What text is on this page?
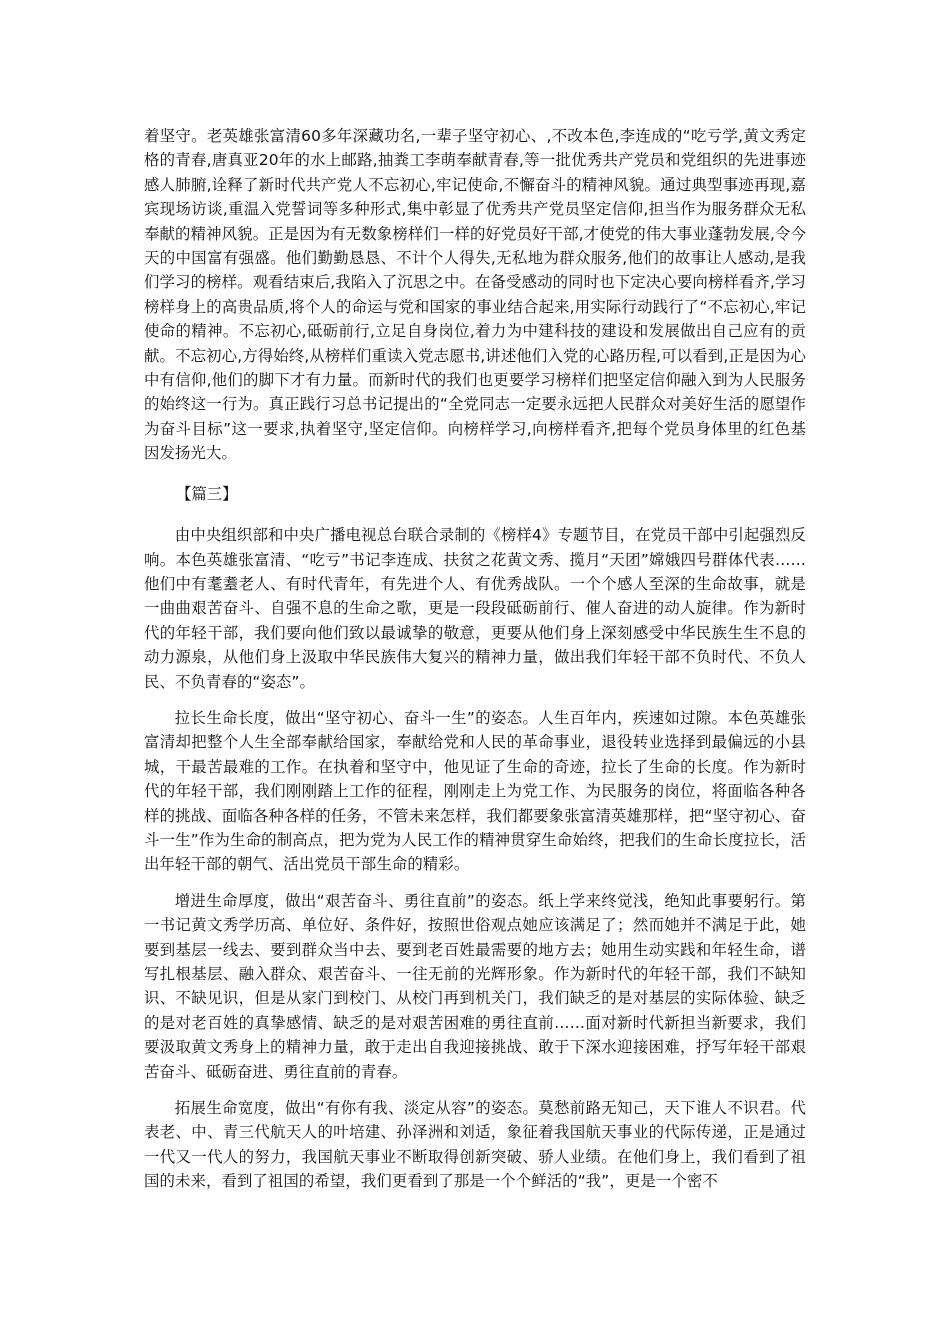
着坚守。老英雄张富清60多年深藏功名,一辈子坚守初心、,不改本色,李连成的“吃亏学,黄文秀定格的青春,唐真亚20年的水上邮路,抽粪工李萌奉献青春,等一批优秀共产党员和党组织的先进事迹感人肺腑,诠释了新时代共产党人不忘初心,牢记使命,不懈奋斗的精神风貌。通过典型事迹再现,嘉宾现场访谈,重温入党誓词等多种形式,集中彰显了优秀共产党员坚定信仰,担当作为服务群众无私奉献的精神风貌。正是因为有无数象榜样们一样的好党员好干部,才使党的伟大事业蓬勃发展,令今天的中国富有强盛。他们勤勤恳恳、不计个人得失,无私地为群众服务,他们的故事让人感动,是我们学习的榜样。观看结束后,我陷入了沉思之中。在备受感动的同时也下定决心要向榜样看齐,学习榜样身上的高贵品质,将个人的命运与党和国家的事业结合起来,用实际行动践行了“不忘初心,牢记使命的精神。不忘初心,砥砺前行,立足自身岗位,着力为中建科技的建设和发展做出自己应有的贡献。不忘初心,方得始终,从榜样们重读入党志愿书,讲述他们入党的心路历程,可以看到,正是因为心中有信仰,他们的脚下才有力量。而新时代的我们也更要学习榜样们把坚定信仰融入到为人民服务的始终这一行为。真正践行习总书记提出的“全党同志一定要永远把人民群众对美好生活的愿望作为奋斗目标”这一要求,执着坚守,坚定信仰。向榜样学习,向榜样看齐,把每个党员身体里的红色基因发扬光大。

【篇三】

由中央组织部和中央广播电视总台联合录制的《榜样4》专题节目，在党员干部中引起强烈反响。本色英雄张富清、“吃亏”书记李连成、扶贫之花黄文秀、揽月“天团”嫦娥四号群体代表……他们中有耄耋老人、有时代青年，有先进个人、有优秀战队。一个个感人至深的生命故事，就是一曲曲艰苦奋斗、自强不息的生命之歌，更是一段段砥砺前行、催人奋进的动人旋律。作为新时代的年轻干部，我们要向他们致以最诚挚的敬意，更要从他们身上深刻感受中华民族生生不息的动力源泉，从他们身上汲取中华民族伟大复兴的精神力量，做出我们年轻干部不负时代、不负人民、不负青春的“姿态”。

拉长生命长度，做出“坚守初心、奋斗一生”的姿态。人生百年内，疾速如过隙。本色英雄张富清却把整个人生全部奉献给国家，奉献给党和人民的革命事业，退役转业选择到最偏远的小县城，干最苦最难的工作。在执着和坚守中，他见证了生命的奇迹，拉长了生命的长度。作为新时代的年轻干部，我们刚刚踏上工作的征程，刚刚走上为党工作、为民服务的岗位，将面临各种各样的挑战、面临各种各样的任务，不管未来怎样，我们都要象张富清英雄那样，把“坚守初心、奋斗一生”作为生命的制高点，把为党为人民工作的精神贯穿生命始终，把我们的生命长度拉长，活出年轻干部的朝气、活出党员干部生命的精彩。

增进生命厚度，做出“艰苦奋斗、勇往直前”的姿态。纸上学来终觉浅，绝知此事要躬行。第一书记黄文秀学历高、单位好、条件好，按照世俗观点她应该满足了；然而她并不满足于此，她要到基层一线去、要到群众当中去、要到老百姓最需要的地方去；她用生动实践和年轻生命，谱写扎根基层、融入群众、艰苦奋斗、一往无前的光辉形象。作为新时代的年轻干部，我们不缺知识、不缺见识，但是从家门到校门、从校门再到机关门，我们缺乏的是对基层的实际体验、缺乏的是对老百姓的真挚感情、缺乏的是对艰苦困难的勇往直前……面对新时代新担当新要求，我们要汲取黄文秀身上的精神力量，敢于走出自我迎接挑战、敢于下深水迎接困难，抒写年轻干部艰苦奋斗、砥砺奋进、勇往直前的青春。

拓展生命宽度，做出“有你有我、淡定从容”的姿态。莫愁前路无知己，天下谁人不识君。代表老、中、青三代航天人的叶培建、孙泽洲和刘适，象征着我国航天事业的代际传递，正是通过一代又一代人的努力，我国航天事业不断取得创新突破、骄人业绩。在他们身上，我们看到了祖国的未来，看到了祖国的希望，我们更看到了那是一个个鲜活的“我”，更是一个密不
